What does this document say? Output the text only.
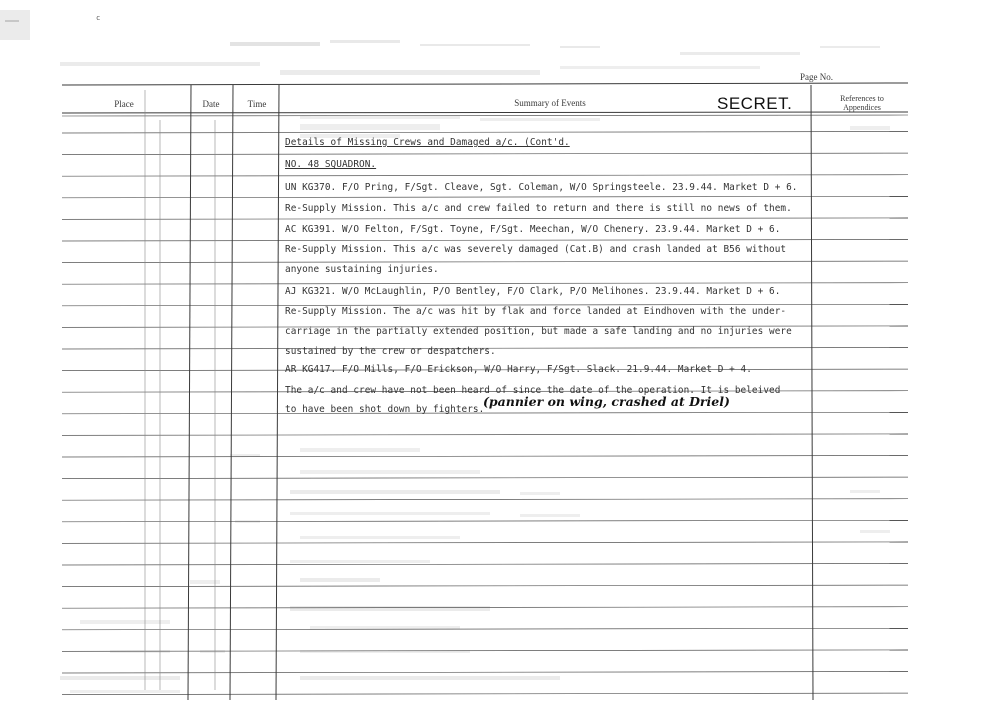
c
Place	Date	Time	Summary of Events	SECRET.	References to Appendices
Page No.
Details of Missing Crews and Damaged a/c. (Cont'd.
NO. 48 SQUADRON.
UN KG370. F/O Pring, F/Sgt. Cleave, Sgt. Coleman, W/O Springsteele. 23.9.44. Market D + 6.
Re-Supply Mission. This a/c and crew failed to return and there is still no news of them.
AC KG391. W/O Felton, F/Sgt. Toyne, F/Sgt. Meechan, W/O Chenery. 23.9.44. Market D + 6.
Re-Supply Mission. This a/c was severely damaged (Cat.B) and crash landed at B56 without
anyone sustaining injuries.
AJ KG321. W/O McLaughlin, P/O Bentley, F/O Clark, P/O Melihones. 23.9.44. Market D + 6.
Re-Supply Mission. The a/c was hit by flak and force landed at Eindhoven with the under-
carriage in the partially extended position, but made a safe landing and no injuries were
sustained by the crew or despatchers.
AR KG417. F/O Mills, F/O Erickson, W/O Harry, F/Sgt. Slack. 21.9.44. Market D + 4.
The a/c and crew have not been heard of since the date of the operation. It is beleived
to have been shot down by fighters.
(pannier on wing, crashed at Driel)
